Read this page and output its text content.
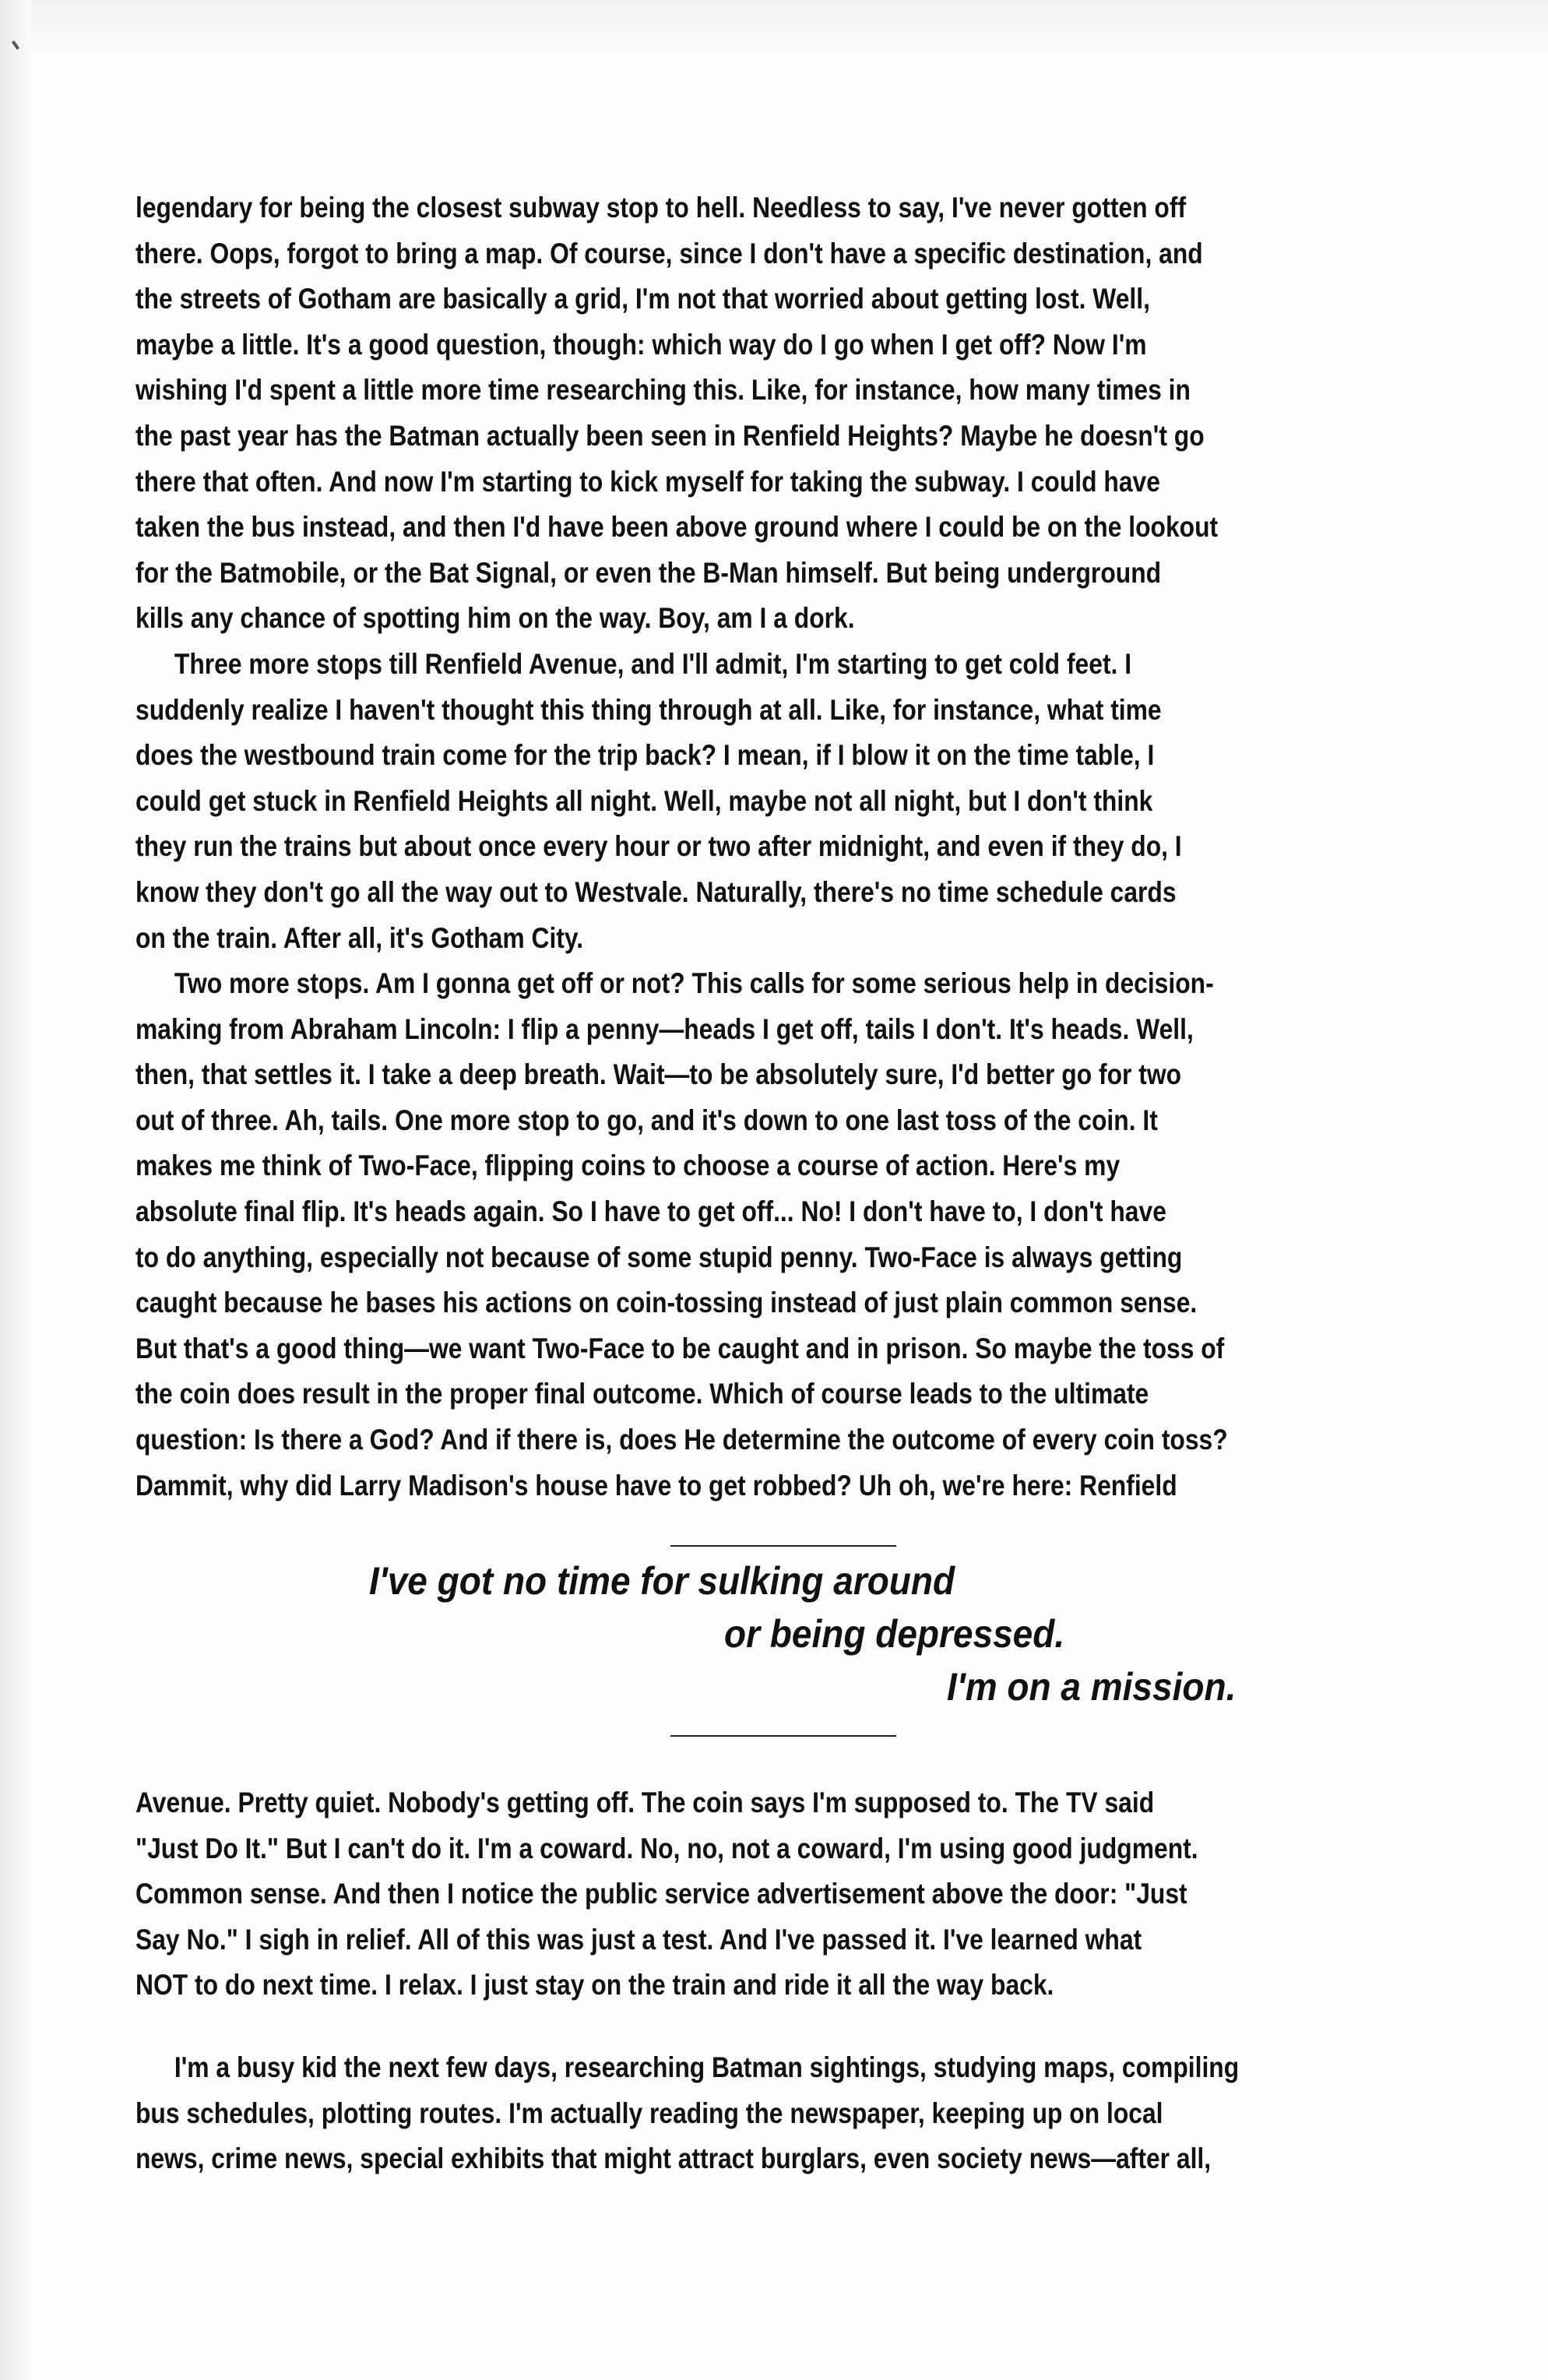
legendary for being the closest subway stop to hell. Needless to say, I've never gotten off
there. Oops, forgot to bring a map. Of course, since I don't have a specific destination, and
the streets of Gotham are basically a grid, I'm not that worried about getting lost. Well,
maybe a little. It's a good question, though: which way do I go when I get off? Now I'm
wishing I'd spent a little more time researching this. Like, for instance, how many times in
the past year has the Batman actually been seen in Renfield Heights? Maybe he doesn't go
there that often. And now I'm starting to kick myself for taking the subway. I could have
taken the bus instead, and then I'd have been above ground where I could be on the lookout
for the Batmobile, or the Bat Signal, or even the B-Man himself. But being underground
kills any chance of spotting him on the way. Boy, am I a dork.
Three more stops till Renfield Avenue, and I'll admit, I'm starting to get cold feet. I
suddenly realize I haven't thought this thing through at all. Like, for instance, what time
does the westbound train come for the trip back? I mean, if I blow it on the time table, I
could get stuck in Renfield Heights all night. Well, maybe not all night, but I don't think
they run the trains but about once every hour or two after midnight, and even if they do, I
know they don't go all the way out to Westvale. Naturally, there's no time schedule cards
on the train. After all, it's Gotham City.
Two more stops. Am I gonna get off or not? This calls for some serious help in decision-
making from Abraham Lincoln: I flip a penny—heads I get off, tails I don't. It's heads. Well,
then, that settles it. I take a deep breath. Wait—to be absolutely sure, I'd better go for two
out of three. Ah, tails. One more stop to go, and it's down to one last toss of the coin. It
makes me think of Two-Face, flipping coins to choose a course of action. Here's my
absolute final flip. It's heads again. So I have to get off... No! I don't have to, I don't have
to do anything, especially not because of some stupid penny. Two-Face is always getting
caught because he bases his actions on coin-tossing instead of just plain common sense.
But that's a good thing—we want Two-Face to be caught and in prison. So maybe the toss of
the coin does result in the proper final outcome. Which of course leads to the ultimate
question: Is there a God? And if there is, does He determine the outcome of every coin toss?
Dammit, why did Larry Madison's house have to get robbed? Uh oh, we're here: Renfield
I've got no time for sulking around
or being depressed.
I'm on a mission.
Avenue. Pretty quiet. Nobody's getting off. The coin says I'm supposed to. The TV said
"Just Do It." But I can't do it. I'm a coward. No, no, not a coward, I'm using good judgment.
Common sense. And then I notice the public service advertisement above the door: "Just
Say No." I sigh in relief. All of this was just a test. And I've passed it. I've learned what
NOT to do next time. I relax. I just stay on the train and ride it all the way back.
I'm a busy kid the next few days, researching Batman sightings, studying maps, compiling
bus schedules, plotting routes. I'm actually reading the newspaper, keeping up on local
news, crime news, special exhibits that might attract burglars, even society news—after all,
